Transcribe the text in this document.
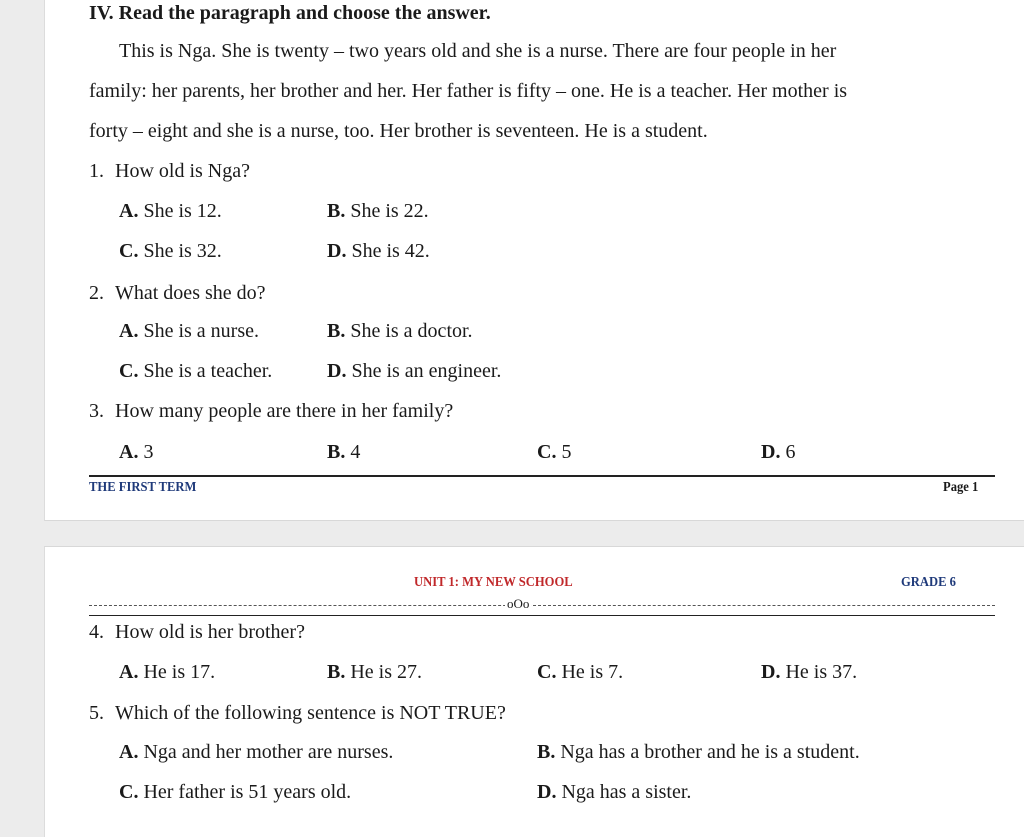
IV. Read the paragraph and choose the answer.
This is Nga. She is twenty – two years old and she is a nurse. There are four people in her
family: her parents, her brother and her. Her father is fifty – one. He is a teacher. Her mother is
forty – eight and she is a nurse, too. Her brother is seventeen. He is a student.
1. How old is Nga?
A. She is 12.	B. She is 22.
C. She is 32.	D. She is 42.
2. What does she do?
A. She is a nurse.	B. She is a doctor.
C. She is a teacher.	D. She is an engineer.
3. How many people are there in her family?
A. 3	B. 4	C. 5	D. 6
THE FIRST TERM	Page 1
UNIT 1: MY NEW SCHOOL	GRADE 6
oOo
4. How old is her brother?
A. He is 17.	B. He is 27.	C. He is 7.	D. He is 37.
5. Which of the following sentence is NOT TRUE?
A. Nga and her mother are nurses.	B. Nga has a brother and he is a student.
C. Her father is 51 years old.	D. Nga has a sister.
